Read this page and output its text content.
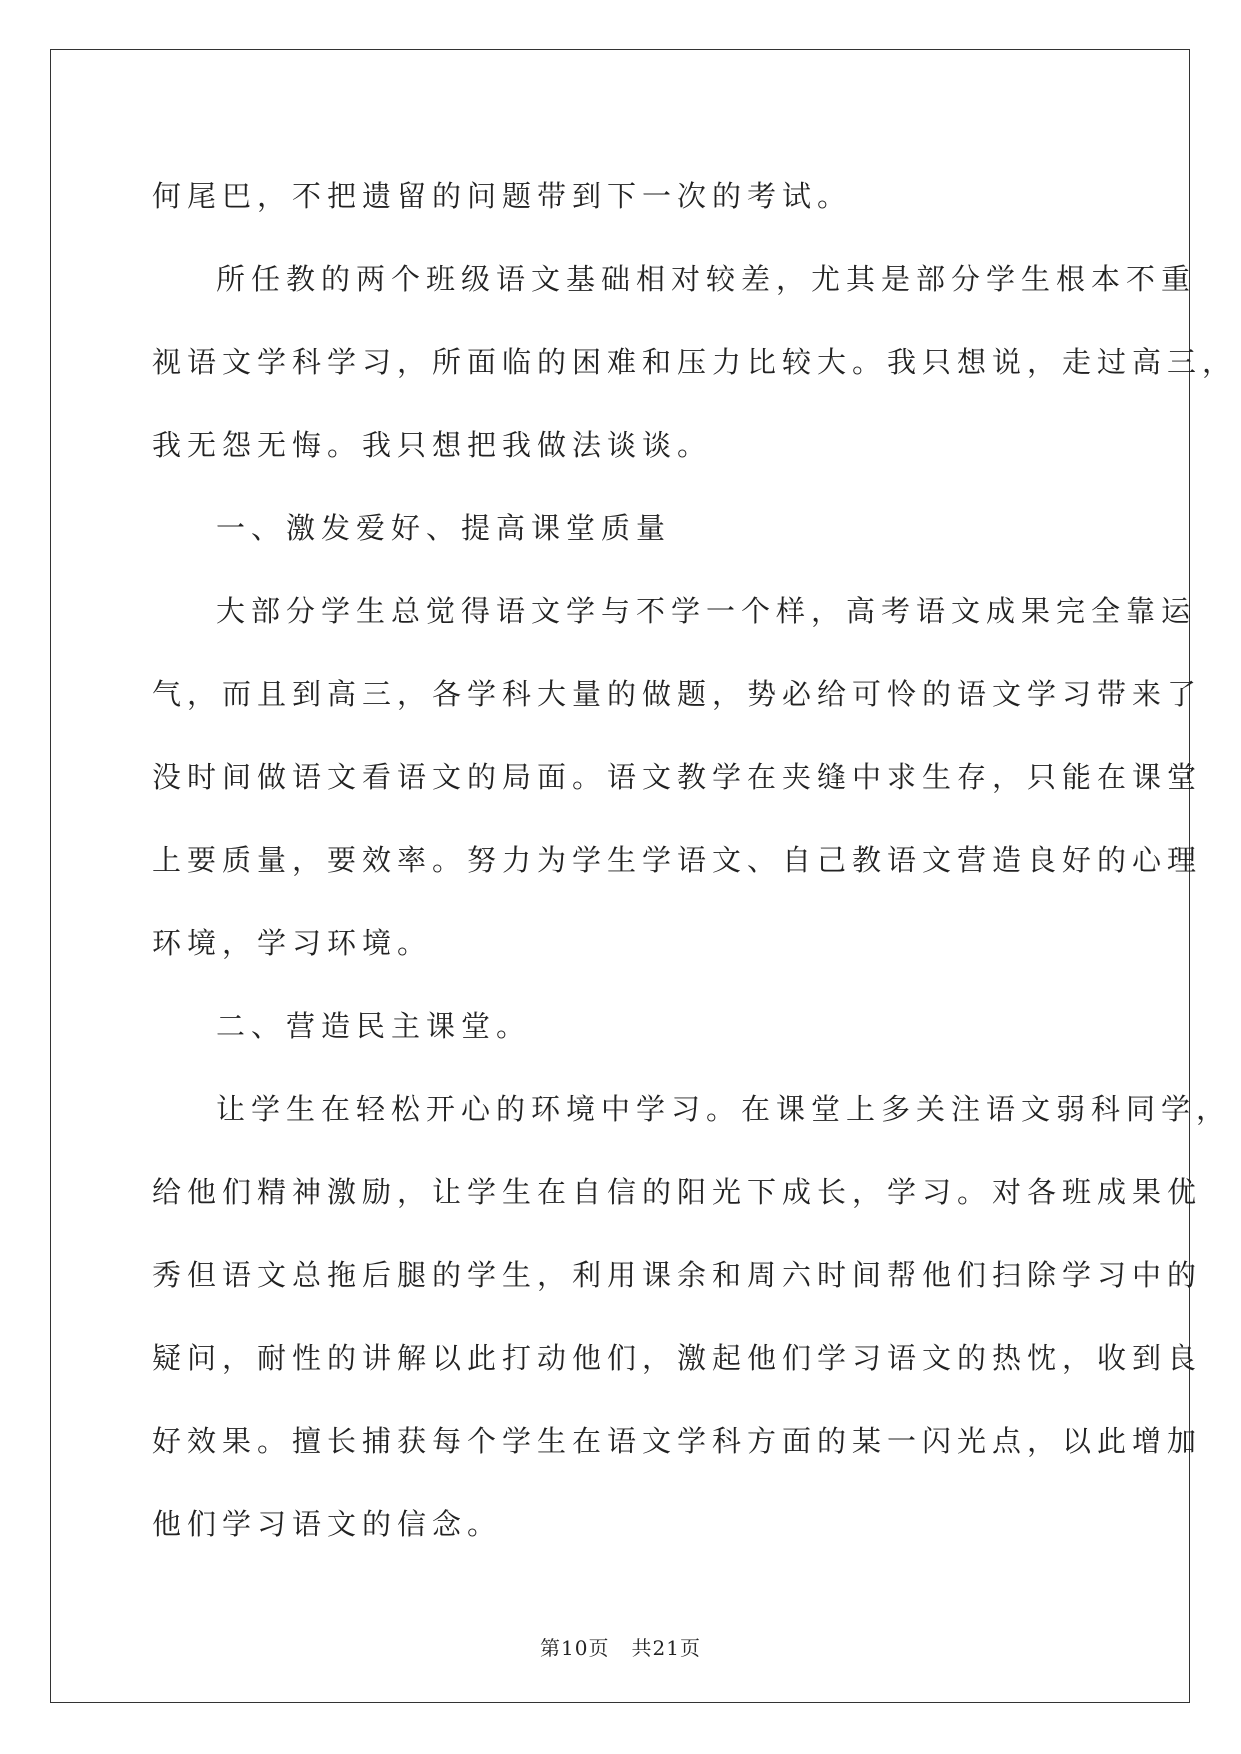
何尾巴，不把遗留的问题带到下一次的考试。

所任教的两个班级语文基础相对较差，尤其是部分学生根本不重
视语文学科学习，所面临的困难和压力比较大。我只想说，走过高三，
我无怨无悔。我只想把我做法谈谈。

一、激发爱好、提高课堂质量

大部分学生总觉得语文学与不学一个样，高考语文成果完全靠运
气，而且到高三，各学科大量的做题，势必给可怜的语文学习带来了
没时间做语文看语文的局面。语文教学在夹缝中求生存，只能在课堂
上要质量，要效率。努力为学生学语文、自己教语文营造良好的心理
环境，学习环境。

二、营造民主课堂。

让学生在轻松开心的环境中学习。在课堂上多关注语文弱科同学，
给他们精神激励，让学生在自信的阳光下成长，学习。对各班成果优
秀但语文总拖后腿的学生，利用课余和周六时间帮他们扫除学习中的
疑问，耐性的讲解以此打动他们，激起他们学习语文的热忱，收到良
好效果。擅长捕获每个学生在语文学科方面的某一闪光点，以此增加
他们学习语文的信念。

第10页 共21页
